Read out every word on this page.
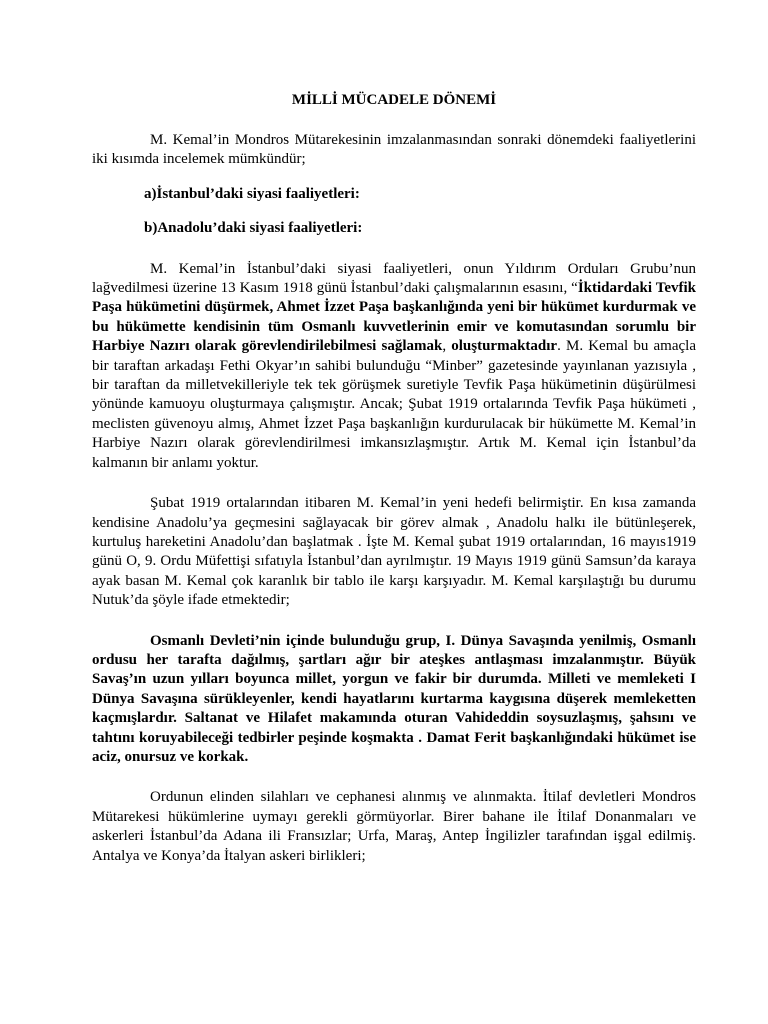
MİLLİ MÜCADELE DÖNEMİ

M. Kemal’in Mondros Mütarekesinin imzalanmasından sonraki dönemdeki faaliyetlerini iki kısımda incelemek mümkündür;

a)İstanbul’daki siyasi faaliyetleri:

b)Anadolu’daki siyasi faaliyetleri:

M. Kemal’in İstanbul’daki siyasi faaliyetleri, onun Yıldırım Orduları Grubu’nun lağvedilmesi üzerine 13 Kasım 1918 günü İstanbul’daki çalışmalarının esasını, “İktidardaki Tevfik Paşa hükümetini düşürmek, Ahmet İzzet Paşa başkanlığında yeni bir hükümet kurdurmak ve bu hükümette kendisinin tüm Osmanlı kuvvetlerinin emir ve komutasından sorumlu bir Harbiye Nazırı olarak görevlendirilebilmesi sağlamak, oluşturmaktadır. M. Kemal bu amaçla bir taraftan arkadaşı Fethi Okyar’ın sahibi bulunduğu “Minber” gazetesinde yayınlanan yazısıyla , bir taraftan da milletvekilleriyle tek tek görüşmek suretiyle Tevfik Paşa hükümetinin düşürülmesi yönünde kamuoyu oluşturmaya çalışmıştır. Ancak; Şubat 1919 ortalarında Tevfik Paşa hükümeti , meclisten güvenoyu almış, Ahmet İzzet Paşa başkanlığın kurdurulacak bir hükümette M. Kemal’in Harbiye Nazırı olarak görevlendirilmesi imkansızlaşmıştır. Artık M. Kemal için İstanbul’da kalmanın bir anlamı yoktur.

Şubat 1919 ortalarından itibaren M. Kemal’in yeni hedefi belirmiştir. En kısa zamanda kendisine Anadolu’ya geçmesini sağlayacak bir görev almak , Anadolu halkı ile bütünleşerek, kurtuluş hareketini Anadolu’dan başlatmak . İşte M. Kemal şubat 1919 ortalarından, 16 mayıs1919 günü O, 9. Ordu Müfettişi sıfatıyla İstanbul’dan ayrılmıştır. 19 Mayıs 1919 günü Samsun’da karaya ayak basan M. Kemal çok karanlık bir tablo ile karşı karşıyadır. M. Kemal karşılaştığı bu durumu Nutuk’da şöyle ifade etmektedir;

Osmanlı Devleti’nin içinde bulunduğu grup, I. Dünya Savaşında yenilmiş, Osmanlı ordusu her tarafta dağılmış, şartları ağır bir ateşkes antlaşması imzalanmıştır. Büyük Savaş’ın uzun yılları boyunca millet, yorgun ve fakir bir durumda. Milleti ve memleketi I Dünya Savaşına sürükleyenler, kendi hayatlarını kurtarma kaygısına düşerek memleketten kaçmışlardır. Saltanat ve Hilafet makamında oturan Vahideddin soysuzlaşmış, şahsını ve tahtını koruyabileceği tedbirler peşinde koşmakta . Damat Ferit başkanlığındaki hükümet ise aciz, onursuz ve korkak.

Ordunun elinden silahları ve cephanesi alınmış ve alınmakta. İtilaf devletleri Mondros Mütarekesi hükümlerine uymayı gerekli görmüyorlar. Birer bahane ile İtilaf Donanmaları ve askerleri İstanbul’da Adana ili Fransızlar; Urfa, Maraş, Antep İngilizler tarafından işgal edilmiş. Antalya ve Konya’da İtalyan askeri birlikleri;
